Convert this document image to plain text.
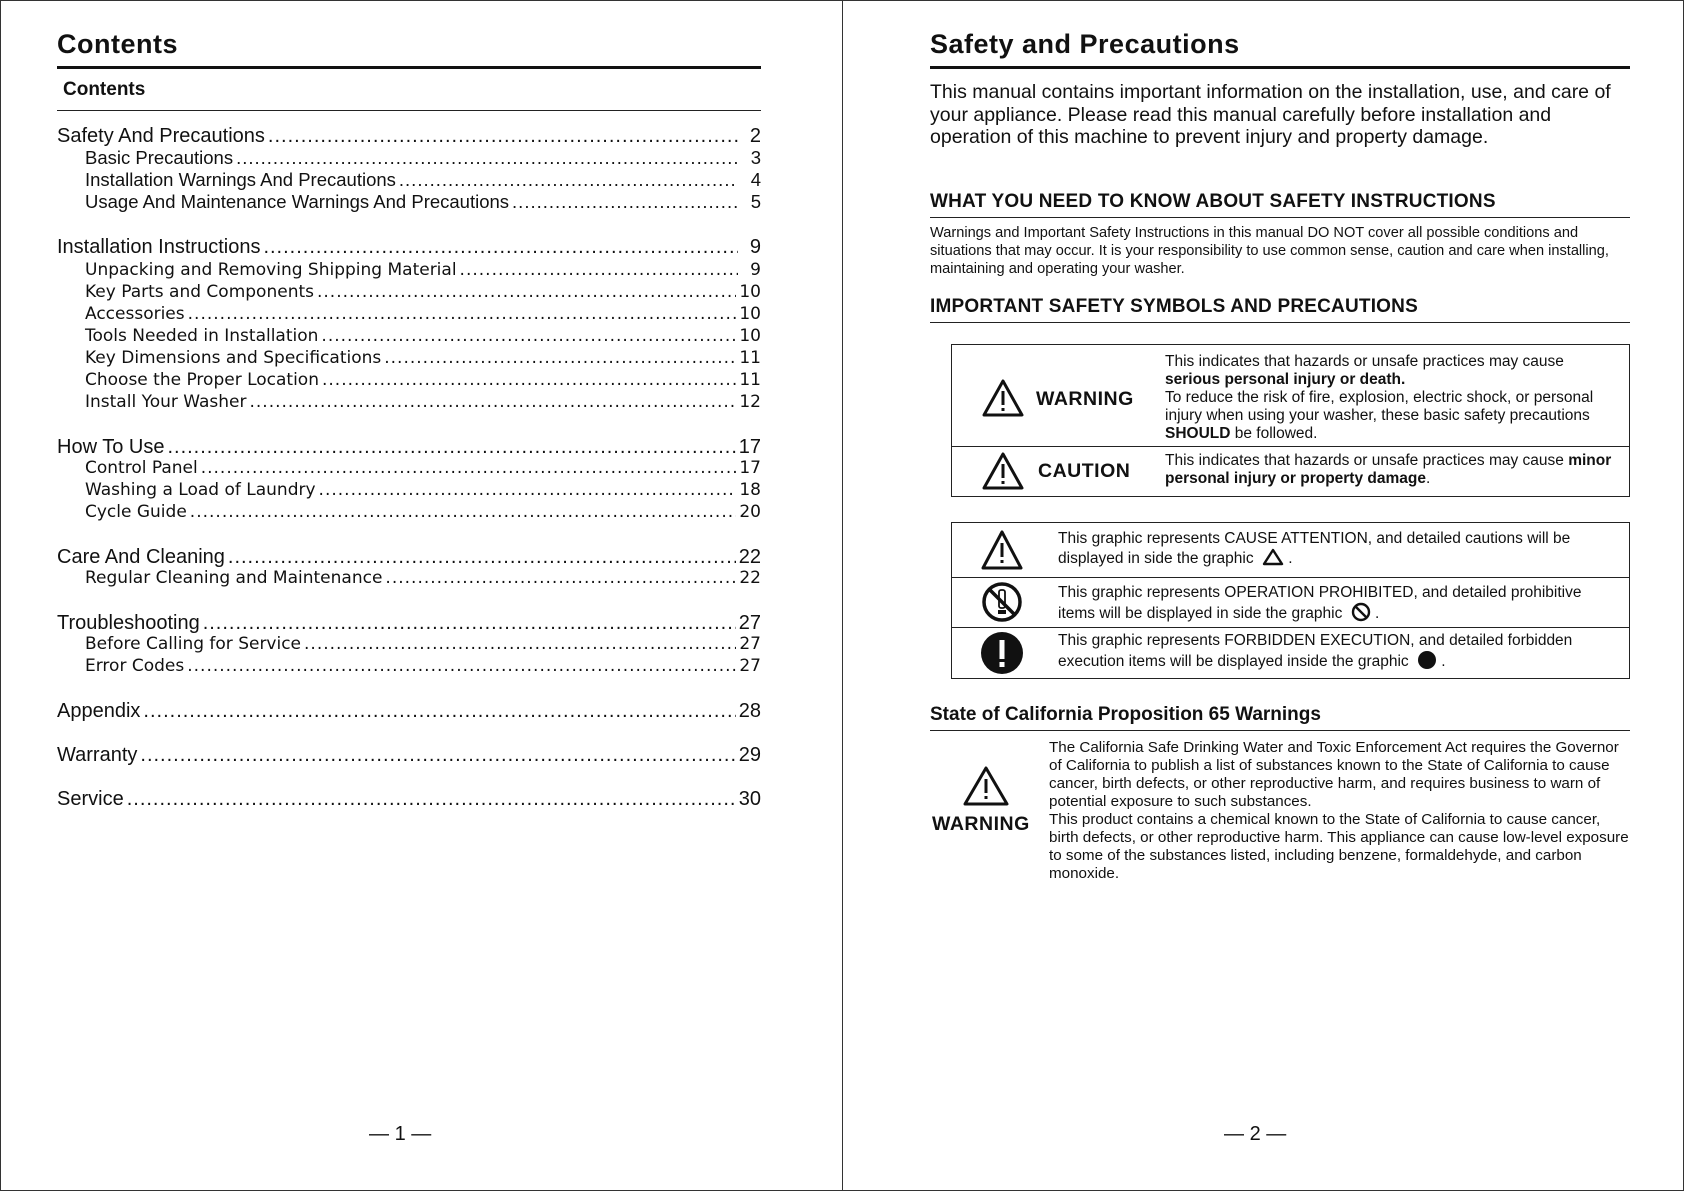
Contents
Contents
Safety And Precautions .....	2
Basic Precautions .....	3
Installation Warnings And Precautions .....	4
Usage And Maintenance Warnings And Precautions .....	5
Installation Instructions .....	9
Unpacking and Removing Shipping Material .....	9
Key Parts and Components .....	10
Accessories .....	10
Tools Needed in Installation .....	10
Key Dimensions and Specifications .....	11
Choose the Proper Location .....	11
Install Your Washer .....	12
How To Use .....	17
Control Panel .....	17
Washing a Load of Laundry .....	18
Cycle Guide .....	20
Care And Cleaning .....	22
Regular Cleaning and Maintenance .....	22
Troubleshooting .....	27
Before Calling for Service .....	27
Error Codes .....	27
Appendix .....	28
Warranty .....	29
Service .....	30
— 1 —
Safety and Precautions
This manual contains important information on the installation, use, and care of your appliance. Please read this manual carefully before installation and operation of this machine to prevent injury and property damage.
WHAT YOU NEED TO KNOW ABOUT SAFETY INSTRUCTIONS
Warnings and Important Safety Instructions in this manual DO NOT cover all possible conditions and situations that may occur. It is your responsibility to use common sense, caution and care when installing, maintaining and operating your washer.
IMPORTANT SAFETY SYMBOLS AND PRECAUTIONS
WARNING
This indicates that hazards or unsafe practices may cause serious personal injury or death.
To reduce the risk of fire, explosion, electric shock, or personal injury when using your washer, these basic safety precautions SHOULD be followed.
CAUTION This indicates that hazards or unsafe practices may cause minor personal injury or property damage.
This graphic represents CAUSE ATTENTION, and detailed cautions will be displayed in side the graphic  .
This graphic represents OPERATION PROHIBITED, and detailed prohibitive items will be displayed in side the graphic  .
This graphic represents FORBIDDEN EXECUTION, and detailed forbidden execution items will be displayed inside the graphic  .
State of California Proposition 65 Warnings
WARNING
The California Safe Drinking Water and Toxic Enforcement Act requires the Governor of California to publish a list of substances known to the State of California to cause cancer, birth defects, or other reproductive harm, and requires business to warn of potential exposure to such substances.
This product contains a chemical known to the State of California to cause cancer, birth defects, or other reproductive harm. This appliance can cause low-level exposure to some of the substances listed, including benzene, formaldehyde, and carbon monoxide.
— 2 —
